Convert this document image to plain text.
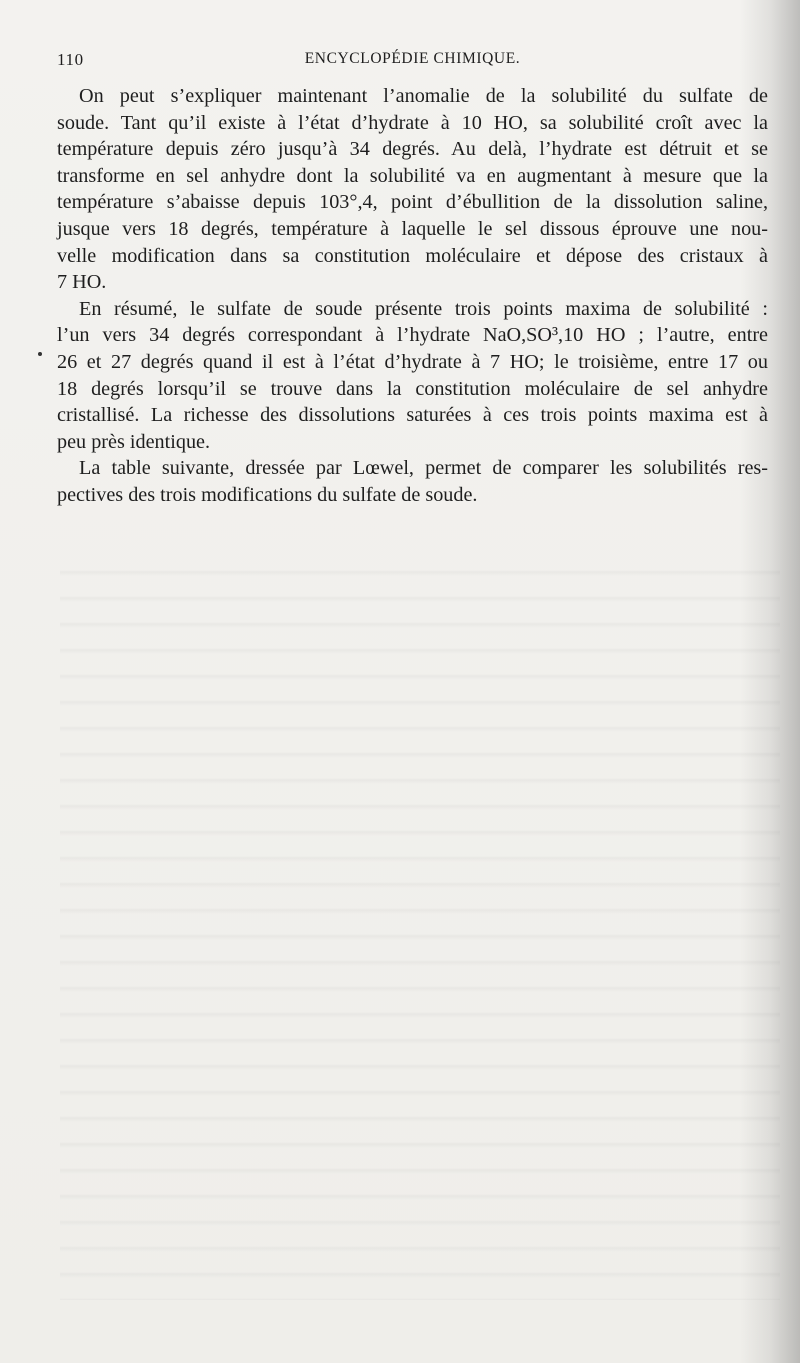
110	ENCYCLOPÉDIE CHIMIQUE.
On peut s’expliquer maintenant l’anomalie de la solubilité du sulfate de
soude. Tant qu’il existe à l’état d’hydrate à 10 HO, sa solubilité croît avec la
température depuis zéro jusqu’à 34 degrés. Au delà, l’hydrate est détruit et se
transforme en sel anhydre dont la solubilité va en augmentant à mesure que la
température s’abaisse depuis 103°,4, point d’ébullition de la dissolution saline,
jusque vers 18 degrés, température à laquelle le sel dissous éprouve une nou-
velle modification dans sa constitution moléculaire et dépose des cristaux à
7 HO.
En résumé, le sulfate de soude présente trois points maxima de solubilité :
l’un vers 34 degrés correspondant à l’hydrate NaO,SO³,10 HO ; l’autre, entre
26 et 27 degrés quand il est à l’état d’hydrate à 7 HO; le troisième, entre 17 ou
18 degrés lorsqu’il se trouve dans la constitution moléculaire de sel anhydre
cristallisé. La richesse des dissolutions saturées à ces trois points maxima est à
peu près identique.
La table suivante, dressée par Lœwel, permet de comparer les solubilités res-
pectives des trois modifications du sulfate de soude.
